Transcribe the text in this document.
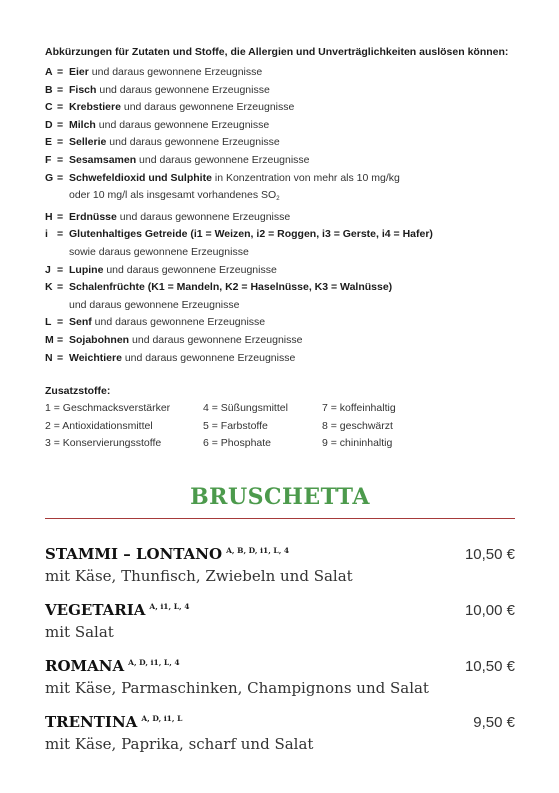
Abkürzungen für Zutaten und Stoffe, die Allergien und Unverträglichkeiten auslösen können:
A = Eier und daraus gewonnene Erzeugnisse
B = Fisch und daraus gewonnene Erzeugnisse
C = Krebstiere und daraus gewonnene Erzeugnisse
D = Milch und daraus gewonnene Erzeugnisse
E = Sellerie und daraus gewonnene Erzeugnisse
F = Sesamsamen und daraus gewonnene Erzeugnisse
G = Schwefeldioxid und Sulphite in Konzentration von mehr als 10 mg/kg
oder 10 mg/l als insgesamt vorhandenes $SO_2$
H = Erdnüsse und daraus gewonnene Erzeugnisse
i = Glutenhaltiges Getreide (i1 = Weizen, i2 = Roggen, i3 = Gerste, i4 = Hafer)
sowie daraus gewonnene Erzeugnisse
J = Lupine und daraus gewonnene Erzeugnisse
K = Schalenfrüchte (K1 = Mandeln, K2 = Haselnüsse, K3 = Walnüsse)
und daraus gewonnene Erzeugnisse
L = Senf und daraus gewonnene Erzeugnisse
M = Sojabohnen und daraus gewonnene Erzeugnisse
N = Weichtiere und daraus gewonnene Erzeugnisse
Zusatzstoffe:
1 = Geschmacksverstärker	4 = Süßungsmittel	7 = koffeinhaltig
2 = Antioxidationsmittel	5 = Farbstoffe	8 = geschwärzt
3 = Konservierungsstoffe	6 = Phosphate	9 = chininhaltig
BRUSCHETTA
STAMMI – LONTANO $^{A, B, D, i1, L, 4}$	10,50 €
mit Käse, Thunfisch, Zwiebeln und Salat
VEGETARIA $^{A, i1, L, 4}$	10,00 €
mit Salat
ROMANA $^{A, D, i1, L, 4}$	10,50 €
mit Käse, Parmaschinken, Champignons und Salat
TRENTINA $^{A, D, i1, L}$	9,50 €
mit Käse, Paprika, scharf und Salat
